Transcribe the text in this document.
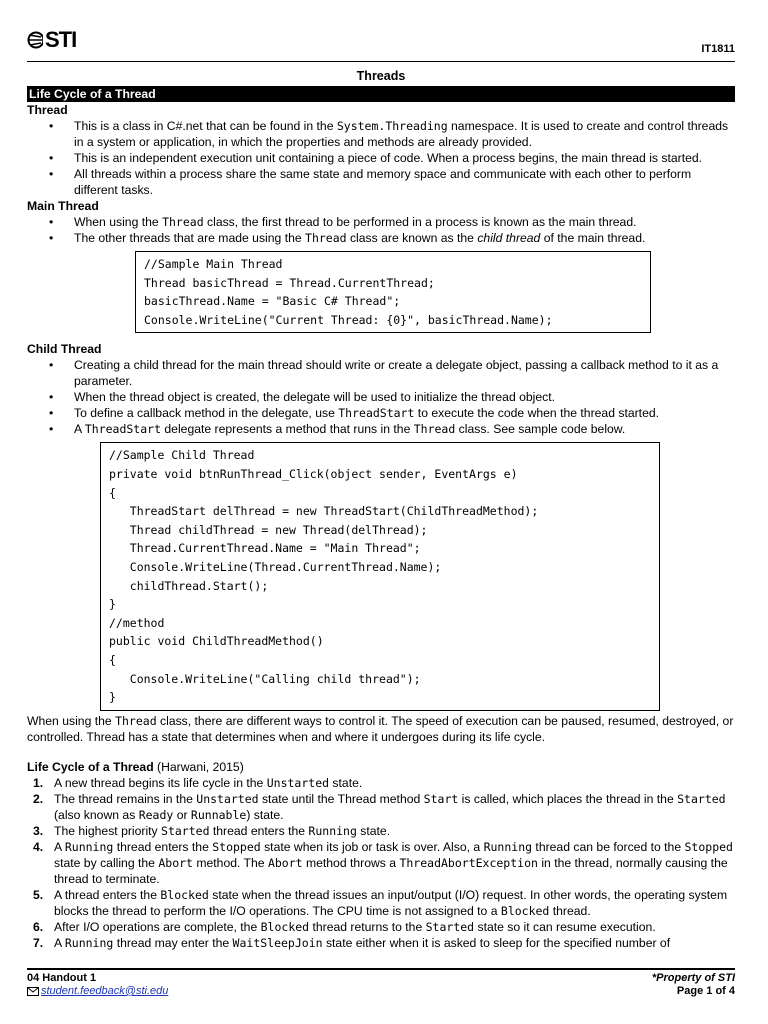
STI	IT1811
Threads
Life Cycle of a Thread
Thread
• This is a class in C#.net that can be found in the System.Threading namespace. It is used to create and control threads in a system or application, in which the properties and methods are already provided.
• This is an independent execution unit containing a piece of code. When a process begins, the main thread is started.
• All threads within a process share the same state and memory space and communicate with each other to perform different tasks.
Main Thread
• When using the Thread class, the first thread to be performed in a process is known as the main thread.
• The other threads that are made using the Thread class are known as the child thread of the main thread.
//Sample Main Thread
Thread basicThread = Thread.CurrentThread;
basicThread.Name = "Basic C# Thread";
Console.WriteLine("Current Thread: {0}", basicThread.Name);
Child Thread
• Creating a child thread for the main thread should write or create a delegate object, passing a callback method to it as a parameter.
• When the thread object is created, the delegate will be used to initialize the thread object.
• To define a callback method in the delegate, use ThreadStart to execute the code when the thread started.
• A ThreadStart delegate represents a method that runs in the Thread class. See sample code below.
//Sample Child Thread
private void btnRunThread_Click(object sender, EventArgs e)
{
ThreadStart delThread = new ThreadStart(ChildThreadMethod);
Thread childThread = new Thread(delThread);
Thread.CurrentThread.Name = "Main Thread";
Console.WriteLine(Thread.CurrentThread.Name);
childThread.Start();
}
//method
public void ChildThreadMethod()
{
Console.WriteLine("Calling child thread");
}
When using the Thread class, there are different ways to control it. The speed of execution can be paused, resumed, destroyed, or controlled. Thread has a state that determines when and where it undergoes during its life cycle.
Life Cycle of a Thread (Harwani, 2015)
1. A new thread begins its life cycle in the Unstarted state.
2. The thread remains in the Unstarted state until the Thread method Start is called, which places the thread in the Started (also known as Ready or Runnable) state.
3. The highest priority Started thread enters the Running state.
4. A Running thread enters the Stopped state when its job or task is over. Also, a Running thread can be forced to the Stopped state by calling the Abort method. The Abort method throws a ThreadAbortException in the thread, normally causing the thread to terminate.
5. A thread enters the Blocked state when the thread issues an input/output (I/O) request. In other words, the operating system blocks the thread to perform the I/O operations. The CPU time is not assigned to a Blocked thread.
6. After I/O operations are complete, the Blocked thread returns to the Started state so it can resume execution.
7. A Running thread may enter the WaitSleepJoin state either when it is asked to sleep for the specified number of
04 Handout 1
student.feedback@sti.edu
*Property of STI
Page 1 of 4
